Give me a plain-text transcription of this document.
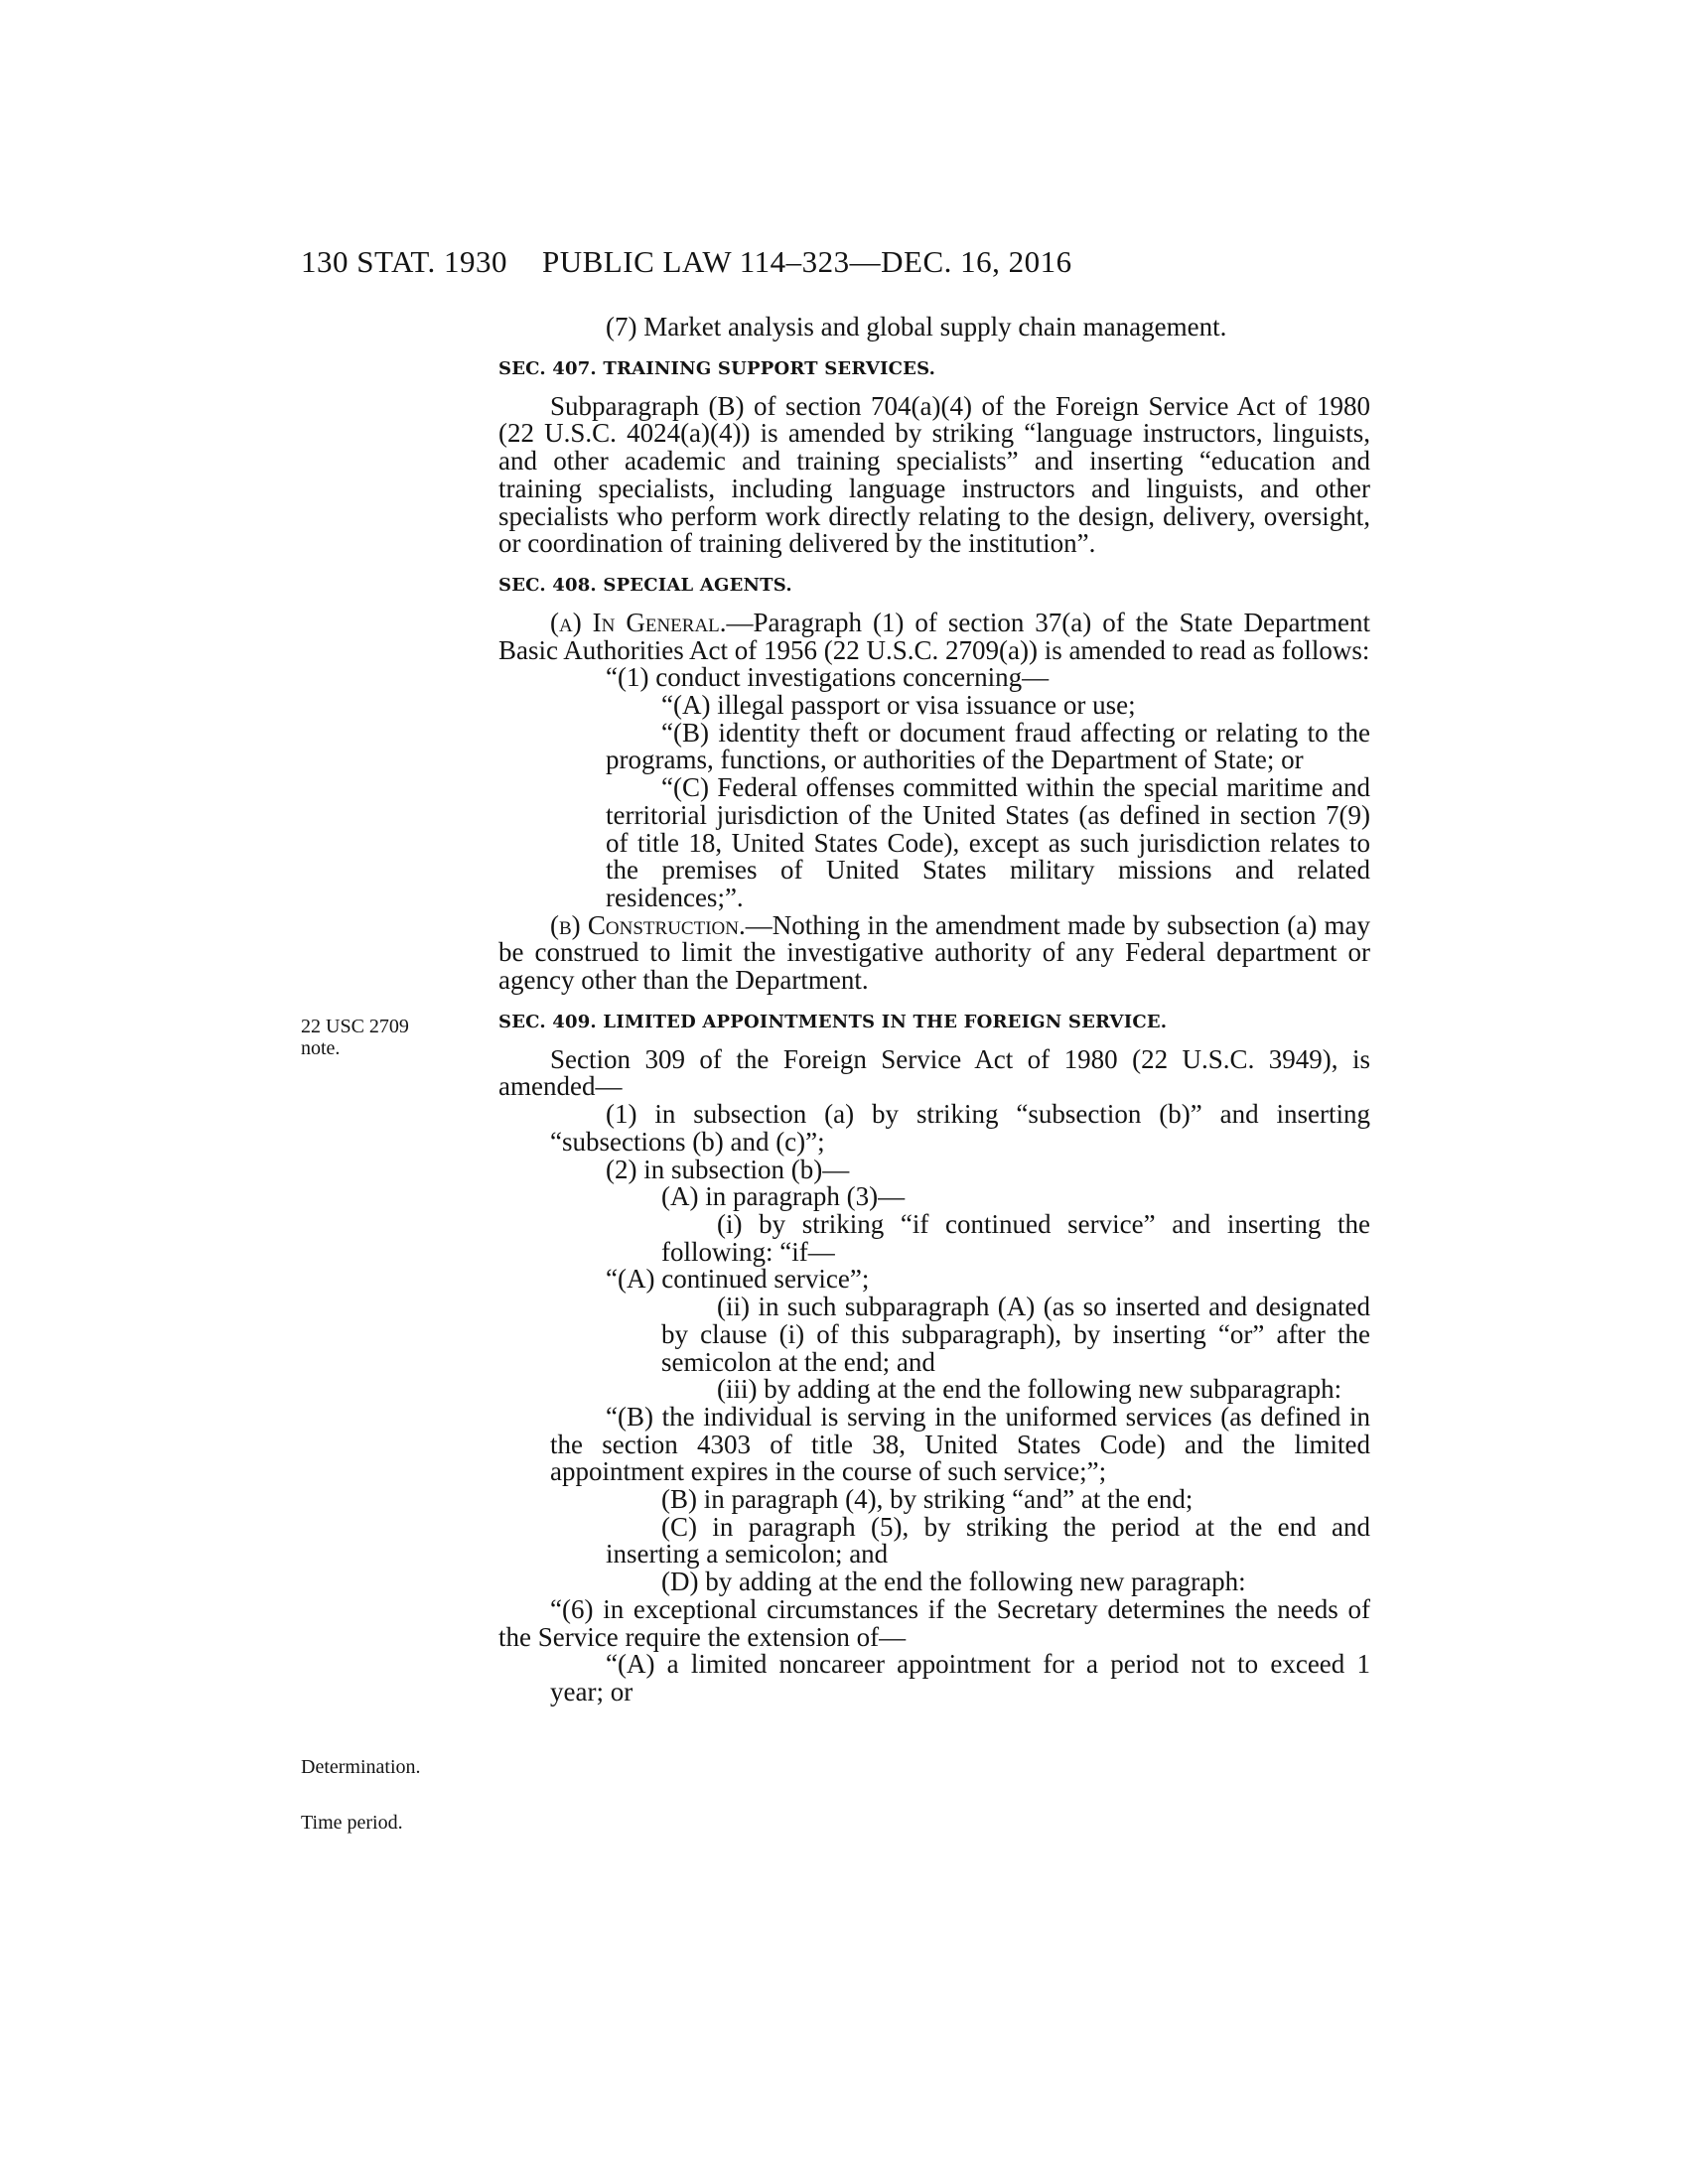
130 STAT. 1930 PUBLIC LAW 114–323—DEC. 16, 2016

(7) Market analysis and global supply chain management.

SEC. 407. TRAINING SUPPORT SERVICES.

Subparagraph (B) of section 704(a)(4) of the Foreign Service Act of 1980 (22 U.S.C. 4024(a)(4)) is amended by striking “language instructors, linguists, and other academic and training specialists” and inserting “education and training specialists, including language instructors and linguists, and other specialists who perform work directly relating to the design, delivery, oversight, or coordination of training delivered by the institution”.

SEC. 408. SPECIAL AGENTS.

(a) In General.—Paragraph (1) of section 37(a) of the State Department Basic Authorities Act of 1956 (22 U.S.C. 2709(a)) is amended to read as follows:

“(1) conduct investigations concerning—

“(A) illegal passport or visa issuance or use;

“(B) identity theft or document fraud affecting or relating to the programs, functions, or authorities of the Department of State; or

“(C) Federal offenses committed within the special maritime and territorial jurisdiction of the United States (as defined in section 7(9) of title 18, United States Code), except as such jurisdiction relates to the premises of United States military missions and related residences;”.

(b) Construction.—Nothing in the amendment made by subsection (a) may be construed to limit the investigative authority of any Federal department or agency other than the Department.

SEC. 409. LIMITED APPOINTMENTS IN THE FOREIGN SERVICE.

Section 309 of the Foreign Service Act of 1980 (22 U.S.C. 3949), is amended—

(1) in subsection (a) by striking “subsection (b)” and inserting “subsections (b) and (c)”;

(2) in subsection (b)—

(A) in paragraph (3)—

(i) by striking “if continued service” and inserting the following: “if—

“(A) continued service”;

(ii) in such subparagraph (A) (as so inserted and designated by clause (i) of this subparagraph), by inserting “or” after the semicolon at the end; and

(iii) by adding at the end the following new subparagraph:

“(B) the individual is serving in the uniformed services (as defined in the section 4303 of title 38, United States Code) and the limited appointment expires in the course of such service;”;

(B) in paragraph (4), by striking “and” at the end;

(C) in paragraph (5), by striking the period at the end and inserting a semicolon; and

(D) by adding at the end the following new paragraph:

“(6) in exceptional circumstances if the Secretary determines the needs of the Service require the extension of—

“(A) a limited noncareer appointment for a period not to exceed 1 year; or

22 USC 2709 note.
Determination.
Time period.
